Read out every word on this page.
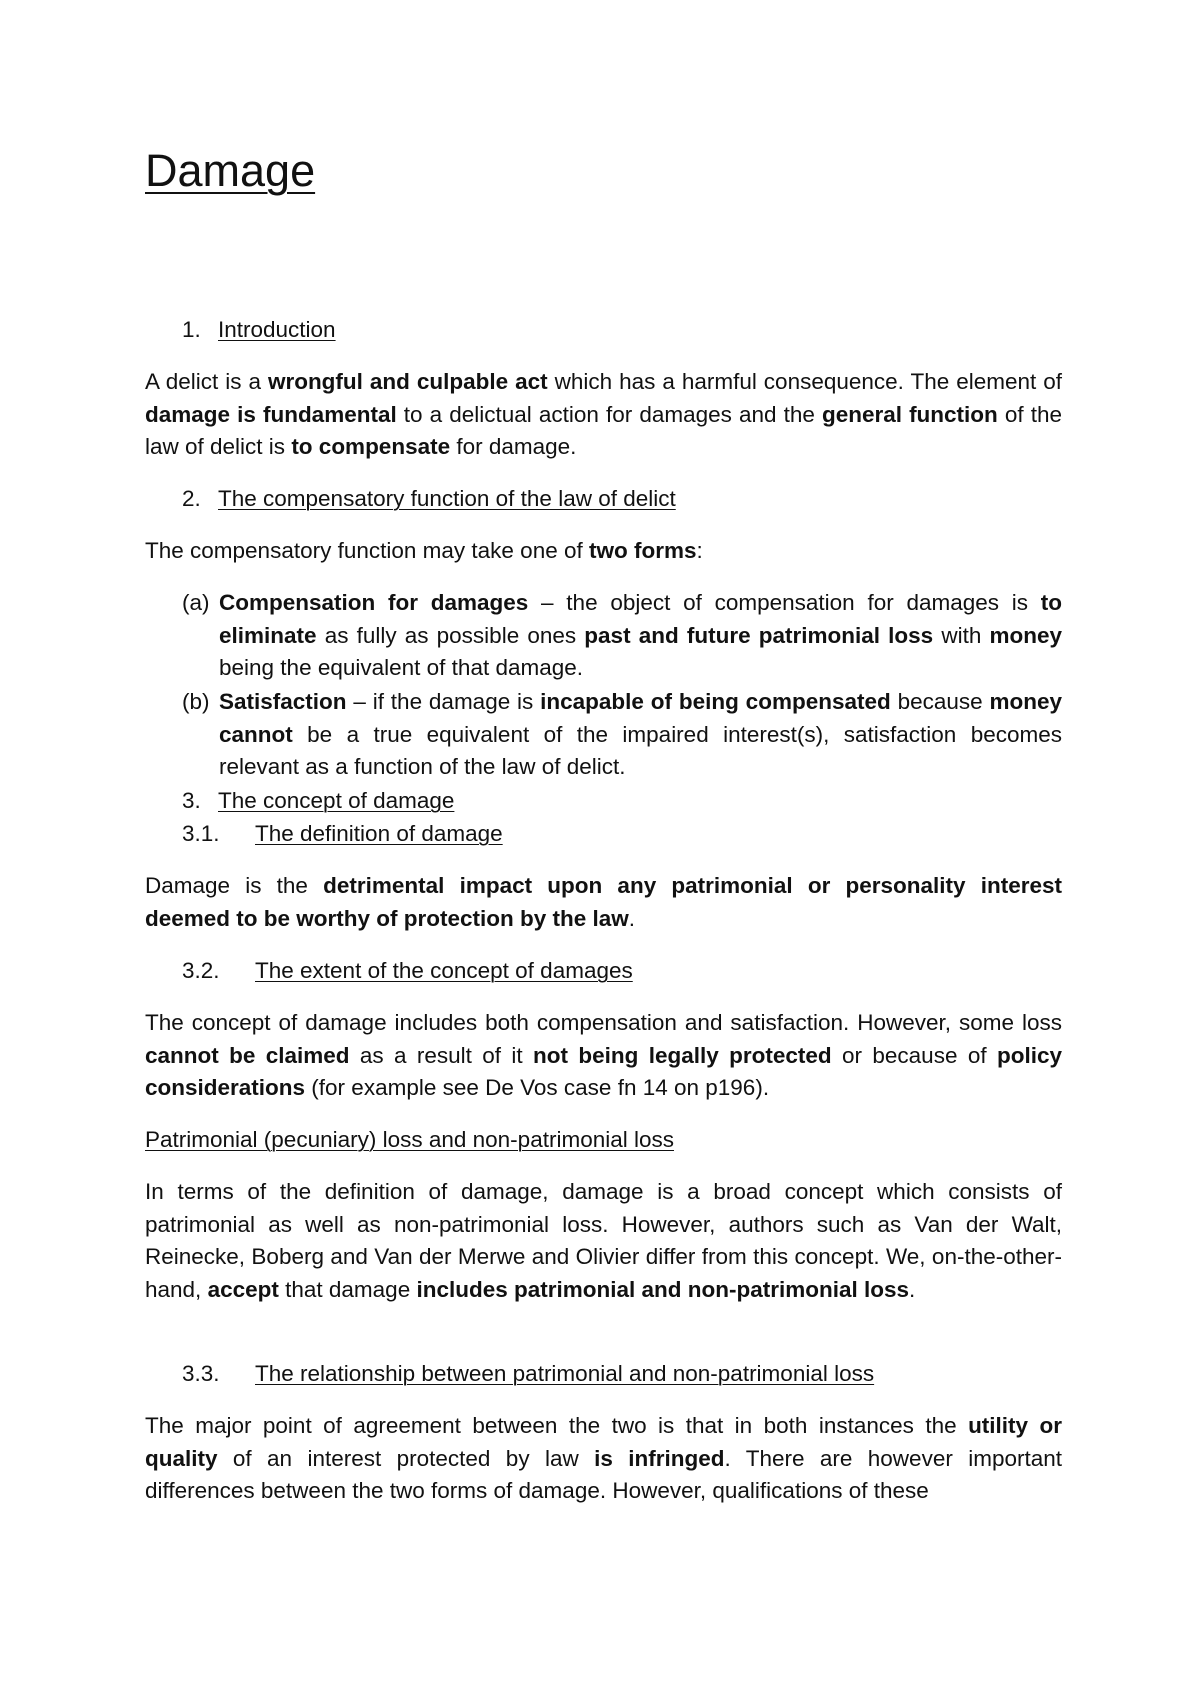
Damage
1. Introduction

A delict is a wrongful and culpable act which has a harmful consequence. The element of damage is fundamental to a delictual action for damages and the general function of the law of delict is to compensate for damage.

2. The compensatory function of the law of delict

The compensatory function may take one of two forms:

(a) Compensation for damages – the object of compensation for damages is to eliminate as fully as possible ones past and future patrimonial loss with money being the equivalent of that damage.

(b) Satisfaction – if the damage is incapable of being compensated because money cannot be a true equivalent of the impaired interest(s), satisfaction becomes relevant as a function of the law of delict.

3. The concept of damage
3.1. The definition of damage

Damage is the detrimental impact upon any patrimonial or personality interest deemed to be worthy of protection by the law.

3.2. The extent of the concept of damages

The concept of damage includes both compensation and satisfaction. However, some loss cannot be claimed as a result of it not being legally protected or because of policy considerations (for example see De Vos case fn 14 on p196).

Patrimonial (pecuniary) loss and non-patrimonial loss

In terms of the definition of damage, damage is a broad concept which consists of patrimonial as well as non-patrimonial loss. However, authors such as Van der Walt, Reinecke, Boberg and Van der Merwe and Olivier differ from this concept. We, on-the-other-hand, accept that damage includes patrimonial and non-patrimonial loss.

3.3. The relationship between patrimonial and non-patrimonial loss

The major point of agreement between the two is that in both instances the utility or quality of an interest protected by law is infringed. There are however important differences between the two forms of damage. However, qualifications of these
